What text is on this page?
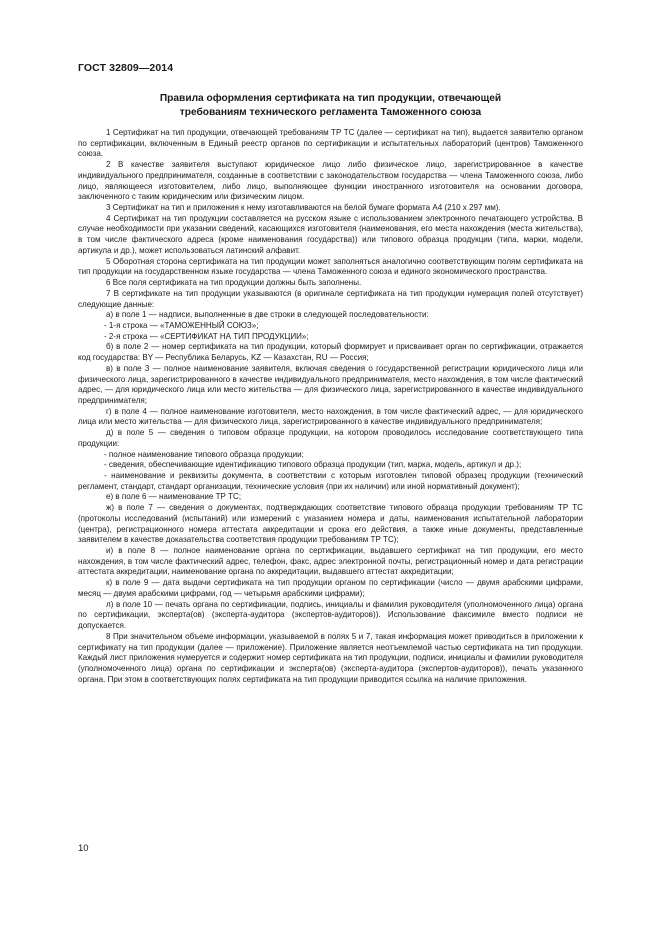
ГОСТ 32809—2014
Правила оформления сертификата на тип продукции, отвечающей
требованиям технического регламента Таможенного союза

1 Сертификат на тип продукции, отвечающей требованиям ТР ТС (далее — сертификат на тип), выдается заявителю органом по сертификации, включенным в Единый реестр органов по сертификации и испытательных лабораторий (центров) Таможенного союза.

2 В качестве заявителя выступают юридическое лицо либо физическое лицо, зарегистрированное в качестве индивидуального предпринимателя, созданные в соответствии с законодательством государства — члена Таможенного союза, либо лицо, являющееся изготовителем, либо лицо, выполняющее функции иностранного изготовителя на основании договора, заключенного с таким юридическим или физическим лицом.

3 Сертификат на тип и приложения к нему изготавливаются на белой бумаге формата А4 (210 х 297 мм).

4 Сертификат на тип продукции составляется на русском языке с использованием электронного печатающего устройства. В случае необходимости при указании сведений, касающихся изготовителя (наименования, его места нахождения (места жительства), в том числе фактического адреса (кроме наименования государства)) или типового образца продукции (типа, марки, модели, артикула и др.), может использоваться латинский алфавит.

5 Оборотная сторона сертификата на тип продукции может заполняться аналогично соответствующим полям сертификата на тип продукции на государственном языке государства — члена Таможенного союза и единого экономического пространства.

6 Все поля сертификата на тип продукции должны быть заполнены.

7 В сертификате на тип продукции указываются (в оригинале сертификата на тип продукции нумерация полей отсутствует) следующие данные:

а) в поле 1 — надписи, выполненные в две строки в следующей последовательности:

- 1-я строка — «ТАМОЖЕННЫЙ СОЮЗ»;

- 2-я строка — «СЕРТИФИКАТ НА ТИП ПРОДУКЦИИ»;

б) в поле 2 — номер сертификата на тип продукции, который формирует и присваивает орган по сертификации, отражается код государства: BY — Республика Беларусь, KZ — Казахстан, RU — Россия;

в) в поле 3 — полное наименование заявителя, включая сведения о государственной регистрации юридического лица или физического лица, зарегистрированного в качестве индивидуального предпринимателя, место нахождения, в том числе фактический адрес, — для юридического лица или место жительства — для физического лица, зарегистрированного в качестве индивидуального предпринимателя;

г) в поле 4 — полное наименование изготовителя, место нахождения, в том числе фактический адрес, — для юридического лица или место жительства — для физического лица, зарегистрированного в качестве индивидуального предпринимателя;

д) в поле 5 — сведения о типовом образце продукции, на котором проводилось исследование соответствующего типа продукции:

- полное наименование типового образца продукции;

- сведения, обеспечивающие идентификацию типового образца продукции (тип, марка, модель, артикул и др.);

- наименование и реквизиты документа, в соответствии с которым изготовлен типовой образец продукции (технический регламент, стандарт, стандарт организации, технические условия (при их наличии) или иной нормативный документ);

е) в поле 6 — наименование ТР ТС;

ж) в поле 7 — сведения о документах, подтверждающих соответствие типового образца продукции требованиям ТР ТС (протоколы исследований (испытаний) или измерений с указанием номера и даты, наименования испытательной лаборатории (центра), регистрационного номера аттестата аккредитации и срока его действия, а также иные документы, представленные заявителем в качестве доказательства соответствия продукции требованиям ТР ТС);

и) в поле 8 — полное наименование органа по сертификации, выдавшего сертификат на тип продукции, его место нахождения, в том числе фактический адрес, телефон, факс, адрес электронной почты, регистрационный номер и дата регистрации аттестата аккредитации, наименование органа по аккредитации, выдавшего аттестат аккредитации;

к) в поле 9 — дата выдачи сертификата на тип продукции органом по сертификации (число — двумя арабскими цифрами, месяц — двумя арабскими цифрами, год — четырьмя арабскими цифрами);

л) в поле 10 — печать органа по сертификации, подпись, инициалы и фамилия руководителя (уполномоченного лица) органа по сертификации, эксперта(ов) (эксперта-аудитора (экспертов-аудиторов)). Использование факсимиле вместо подписи не допускается.

8 При значительном объеме информации, указываемой в полях 5 и 7, такая информация может приводиться в приложении к сертификату на тип продукции (далее — приложение). Приложение является неотъемлемой частью сертификата на тип продукции. Каждый лист приложения нумеруется и содержит номер сертификата на тип продукции, подписи, инициалы и фамилии руководителя (уполномоченного лица) органа по сертификации и эксперта(ов) (эксперта-аудитора (экспертов-аудиторов)), печать указанного органа. При этом в соответствующих полях сертификата на тип продукции приводится ссылка на наличие приложения.

10
